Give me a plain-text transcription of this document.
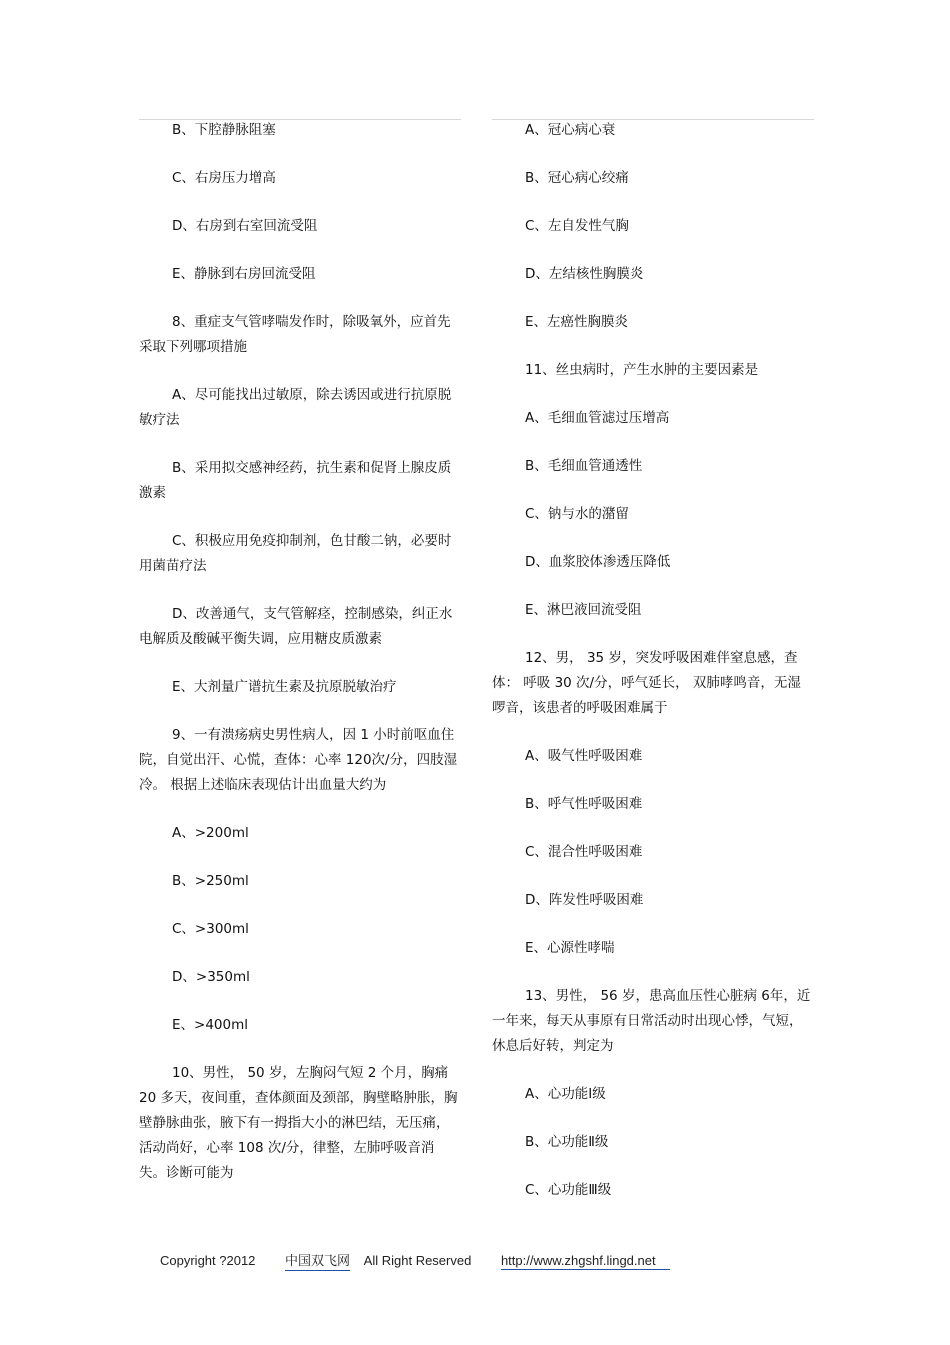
B、下腔静脉阻塞

C、右房压力增高

D、右房到右室回流受阻

E、静脉到右房回流受阻

8、重症支气管哮喘发作时，除吸氧外，应首先采取下列哪项措施

A、尽可能找出过敏原，除去诱因或进行抗原脱敏疗法

B、采用拟交感神经药，抗生素和促肾上腺皮质激素

C、积极应用免疫抑制剂，色甘酸二钠，必要时用菌苗疗法

D、改善通气，支气管解痉，控制感染，纠正水电解质及酸碱平衡失调，应用糖皮质激素

E、大剂量广谱抗生素及抗原脱敏治疗

9、一有溃疡病史男性病人，因 1 小时前呕血住院，自觉出汗、心慌，查体：心率 120次/分，四肢湿冷。 根据上述临床表现估计出血量大约为

A、>200ml

B、>250ml

C、>300ml

D、>350ml

E、>400ml

10、男性， 50 岁，左胸闷气短 2 个月，胸痛 20 多天，夜间重，查体颜面及颈部，胸壁略肿胀，胸壁静脉曲张，腋下有一拇指大小的淋巴结，无压痛，活动尚好，心率 108 次/分，律整，左肺呼吸音消失。诊断可能为

A、冠心病心衰

B、冠心病心绞痛

C、左自发性气胸

D、左结核性胸膜炎

E、左癌性胸膜炎

11、丝虫病时，产生水肿的主要因素是

A、毛细血管滤过压增高

B、毛细血管通透性

C、钠与水的潴留

D、血浆胶体渗透压降低

E、淋巴液回流受阻

12、男， 35 岁，突发呼吸困难伴窒息感，查体： 呼吸 30 次/分，呼气延长， 双肺哮鸣音，无湿啰音，该患者的呼吸困难属于

A、吸气性呼吸困难

B、呼气性呼吸困难

C、混合性呼吸困难

D、阵发性呼吸困难

E、心源性哮喘

13、男性， 56 岁，患高血压性心脏病 6年，近一年来，每天从事原有日常活动时出现心悸，气短，休息后好转，判定为

A、心功能Ⅰ级

B、心功能Ⅱ级

C、心功能Ⅲ级

Copyright ?2012 中国双飞网 All Right Reserved http://www.zhgshf.lingd.net
